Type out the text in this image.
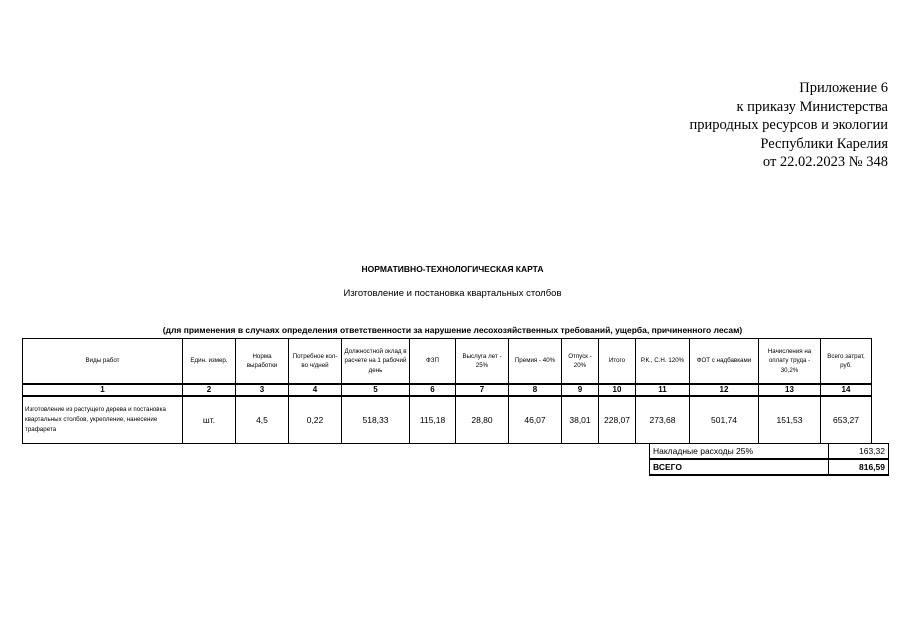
Приложение 6
к приказу Министерства
природных ресурсов и экологии
Республики Карелия
от 22.02.2023 № 348
НОРМАТИВНО-ТЕХНОЛОГИЧЕСКАЯ КАРТА
Изготовление и постановка квартальных столбов
(для применения в случаях определения ответственности за нарушение лесохозяйственных требований, ущерба, причиненного лесам)
Виды работ	Един. измер.	Норма выработки	Потребное кол-во ч/дней	Должностной оклад в расчете на 1 рабочий день	ФЗП	Выслуга лет - 25%	Премия - 40%	Отпуск - 20%	Итого	Р.К., С.Н. 120%	ФОТ с надбавками	Начисления на оплату труда - 30,2%	Всего затрат, руб.
1	2	3	4	5	6	7	8	9	10	11	12	13	14
Изготовление из растущего дерева и постановка квартальных столбов, укрепление, нанесение трафарета	шт.	4,5	0,22	518,33	115,18	28,80	46,07	38,01	228,07	273,68	501,74	151,53	653,27
Накладные расходы 25%	163,32
ВСЕГО	816,59
